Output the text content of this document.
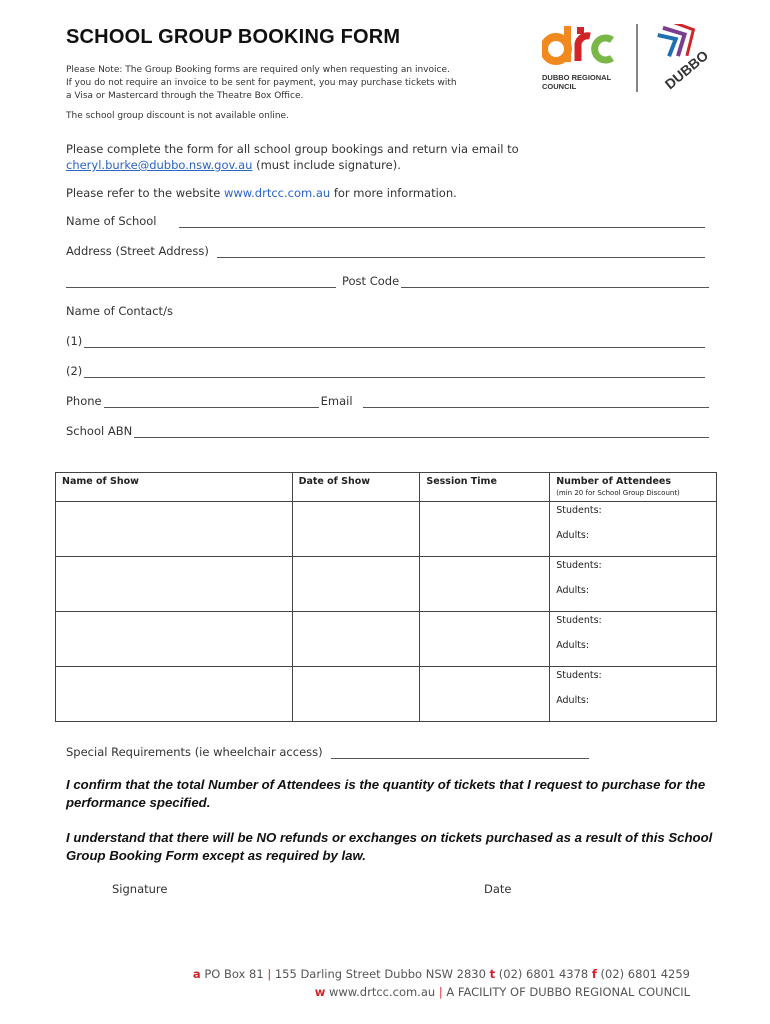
SCHOOL GROUP BOOKING FORM
Please Note: The Group Booking forms are required only when requesting an invoice.
If you do not require an invoice to be sent for payment, you may purchase tickets with
a Visa or Mastercard through the Theatre Box Office.
The school group discount is not available online.
DUBBO REGIONAL
COUNCIL	DUBBO
Please complete the form for all school group bookings and return via email to
cheryl.burke@dubbo.nsw.gov.au (must include signature).
Please refer to the website www.drtcc.com.au for more information.
Name of School
Address (Street Address)
Post Code
Name of Contact/s
(1)
(2)
Phone	Email
School ABN
Name of Show	Date of Show	Session Time	Number of Attendees
(min 20 for School Group Discount)

			Students:
Adults:

			Students:
Adults:

			Students:
Adults:

			Students:
Adults:
Special Requirements (ie wheelchair access)
I confirm that the total Number of Attendees is the quantity of tickets that I request to purchase for the performance specified.
I understand that there will be NO refunds or exchanges on tickets purchased as a result of this School Group Booking Form except as required by law.
Signature	Date
a PO Box 81 | 155 Darling Street Dubbo NSW 2830 t (02) 6801 4378 f (02) 6801 4259
w www.drtcc.com.au | A FACILITY OF DUBBO REGIONAL COUNCIL
